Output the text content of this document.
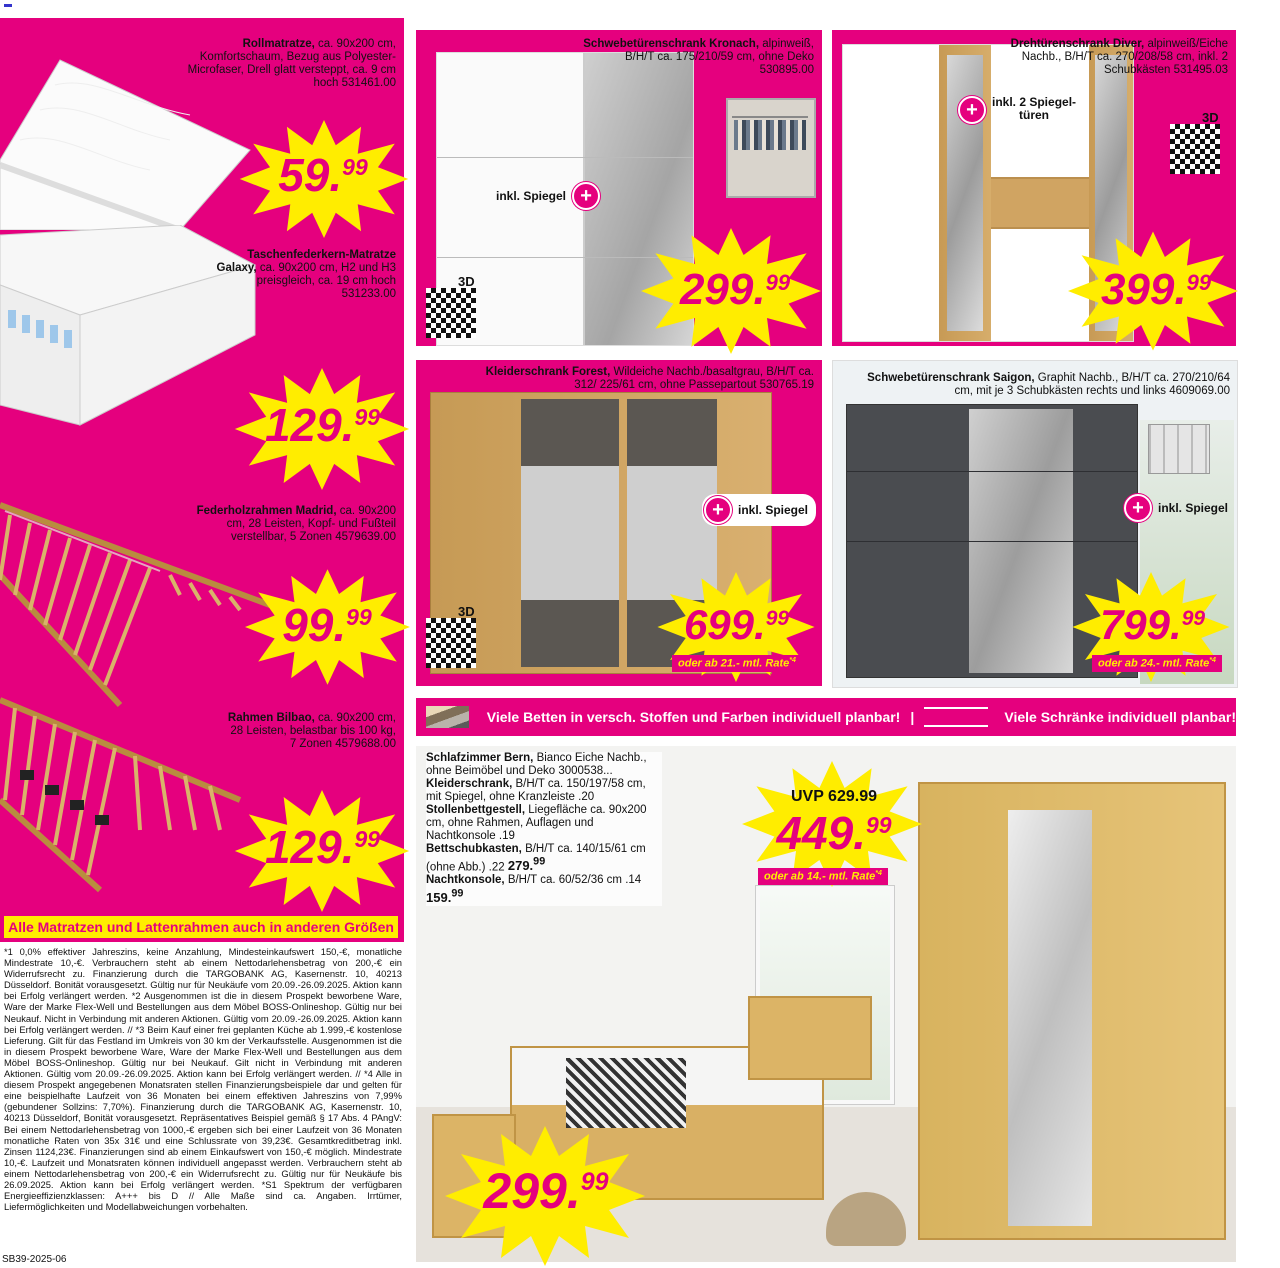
Rollmatratze, ca. 90x200 cm, Komfortschaum, Bezug aus Polyester-Microfaser, Drell glatt versteppt, ca. 9 cm hoch 531461.00
Taschenfederkern-Matratze Galaxy, ca. 90x200 cm, H2 und H3 preisgleich, ca. 19 cm hoch 531233.00
Federholzrahmen Madrid, ca. 90x200 cm, 28 Leisten, Kopf- und Fußteil verstellbar, 5 Zonen 4579639.00
Rahmen Bilbao, ca. 90x200 cm, 28 Leisten, belastbar bis 100 kg, 7 Zonen 4579688.00
59.99
129.99
99.99
129.99
Alle Matratzen und Lattenrahmen auch in anderen Größen
*1 0,0% effektiver Jahreszins, keine Anzahlung, Mindesteinkaufswert 150,-€, monatliche Mindestrate 10,-€. Verbrauchern steht ab einem Nettodarlehensbetrag von 200,-€ ein Widerrufsrecht zu. Finanzierung durch die TARGOBANK AG, Kasernenstr. 10, 40213 Düsseldorf. Bonität vorausgesetzt. Gültig nur für Neukäufe vom 20.09.-26.09.2025. Aktion kann bei Erfolg verlängert werden. *2 Ausgenommen ist die in diesem Prospekt beworbene Ware, Ware der Marke Flex-Well und Bestellungen aus dem Möbel BOSS-Onlineshop. Gültig nur bei Neukauf. Nicht in Verbindung mit anderen Aktionen. Gültig vom 20.09.-26.09.2025. Aktion kann bei Erfolg verlängert werden. // *3 Beim Kauf einer frei geplanten Küche ab 1.999,-€ kostenlose Lieferung. Gilt für das Festland im Umkreis von 30 km der Verkaufsstelle. Ausgenommen ist die in diesem Prospekt beworbene Ware, Ware der Marke Flex-Well und Bestellungen aus dem Möbel BOSS-Onlineshop. Gültig nur bei Neukauf. Gilt nicht in Verbindung mit anderen Aktionen. Gültig vom 20.09.-26.09.2025. Aktion kann bei Erfolg verlängert werden. // *4 Alle in diesem Prospekt angegebenen Monatsraten stellen Finanzierungsbeispiele dar und gelten für eine beispielhafte Laufzeit von 36 Monaten bei einem effektiven Jahreszins von 7,99% (gebundener Sollzins: 7,70%). Finanzierung durch die TARGOBANK AG, Kasernenstr. 10, 40213 Düsseldorf, Bonität vorausgesetzt. Repräsentatives Beispiel gemäß § 17 Abs. 4 PAngV: Bei einem Nettodarlehensbetrag von 1000,-€ ergeben sich bei einer Laufzeit von 36 Monaten monatliche Raten von 35x 31€ und eine Schlussrate von 39,23€. Gesamtkreditbetrag inkl. Zinsen 1124,23€. Finanzierungen sind ab einem Einkaufswert von 150,-€ möglich. Mindestrate 10,-€. Laufzeit und Monatsraten können individuell angepasst werden. Verbrauchern steht ab einem Nettodarlehensbetrag von 200,-€ ein Widerrufsrecht zu. Gültig nur für Neukäufe bis 26.09.2025. Aktion kann bei Erfolg verlängert werden. *S1 Spektrum der verfügbaren Energieeffizienzklassen: A+++ bis D // Alle Maße sind ca. Angaben. Irrtümer, Liefermöglichkeiten und Modellabweichungen vorbehalten.
SB39-2025-06
Schwebetürenschrank Kronach, alpinweiß, B/H/T ca. 175/210/59 cm, ohne Deko 530895.00
inkl. Spiegel +
3D	299.99
Drehtürenschrank Diver, alpinweiß/Eiche Nachb., B/H/T ca. 270/208/58 cm, inkl. 2 Schubkästen 531495.03
+	inkl. 2 Spiegel-
türen	3D
399.99
Kleiderschrank Forest, Wildeiche Nachb./basaltgrau, B/H/T ca. 312/ 225/61 cm, ohne Passepartout 530765.19
+	inkl. Spiegel
3D	699.99
oder ab 21.- mtl. Rate$^{*4}$
Schwebetürenschrank Saigon, Graphit Nachb., B/H/T ca. 270/210/64 cm, mit je 3 Schubkästen rechts und links 4609069.00
+	inkl. Spiegel
799.99
oder ab 24.- mtl. Rate$^{*4}$
Viele Betten in versch. Stoffen und Farben individuell planbar! |	Viele Schränke individuell planbar!
Schlafzimmer Bern, Bianco Eiche Nachb., ohne Beimöbel und Deko 3000538...
Kleiderschrank, B/H/T ca. 150/197/58 cm, mit Spiegel, ohne Kranzleiste .20
Stollenbettgestell, Liegefläche ca. 90x200 cm, ohne Rahmen, Auflagen und Nachtkonsole .19
Bettschubkasten, B/H/T ca. 140/15/61 cm (ohne Abb.) .22 279.99
Nachtkonsole, B/H/T ca. 60/52/36 cm .14 159.99
UVP 629.99
449.99
oder ab 14.- mtl. Rate$^{*4}$
299.99
